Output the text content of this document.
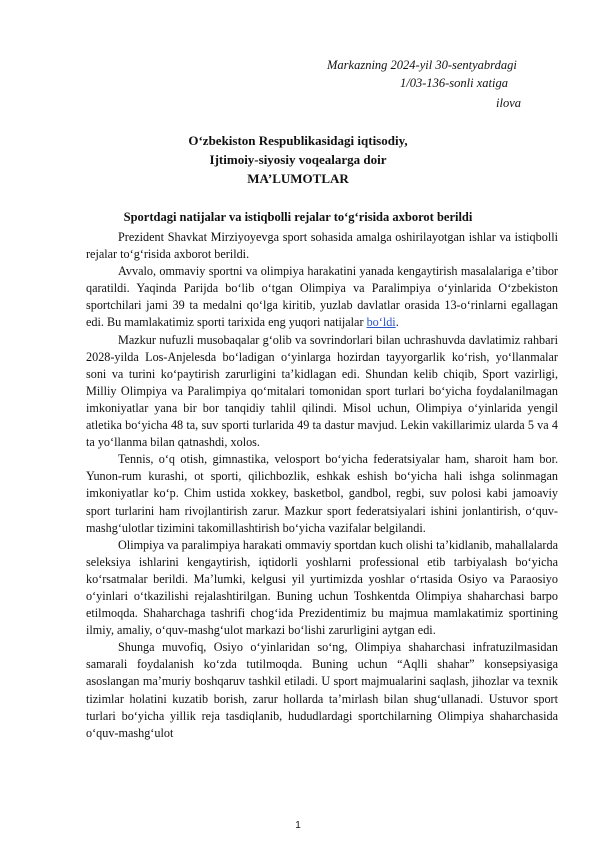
Markazning 2024-yil 30-sentyabrdagi
1/03-136-sonli xatiga
ilova
O‘zbekiston Respublikasidagi iqtisodiy,
Ijtimoiy-siyosiy voqealarga doir
MA’LUMOTLAR
Sportdagi natijalar va istiqbolli rejalar to‘g‘risida axborot berildi

Prezident Shavkat Mirziyoyevga sport sohasida amalga oshirilayotgan ishlar va istiqbolli rejalar to‘g‘risida axborot berildi.

Avvalo, ommaviy sportni va olimpiya harakatini yanada kengaytirish masalalariga e’tibor qaratildi. Yaqinda Parijda bo‘lib o‘tgan Olimpiya va Paralimpiya o‘yinlarida O‘zbekiston sportchilari jami 39 ta medalni qo‘lga kiritib, yuzlab davlatlar orasida 13-o‘rinlarni egallagan edi. Bu mamlakatimiz sporti tarixida eng yuqori natijalar bo‘ldi.

Mazkur nufuzli musobaqalar g‘olib va sovrindorlari bilan uchrashuvda davlatimiz rahbari 2028-yilda Los-Anjelesda bo‘ladigan o‘yinlarga hozirdan tayyorgarlik ko‘rish, yo‘llanmalar soni va turini ko‘paytirish zarurligini ta’kidlagan edi. Shundan kelib chiqib, Sport vazirligi, Milliy Olimpiya va Paralimpiya qo‘mitalari tomonidan sport turlari bo‘yicha foydalanilmagan imkoniyatlar yana bir bor tanqidiy tahlil qilindi. Misol uchun, Olimpiya o‘yinlarida yengil atletika bo‘yicha 48 ta, suv sporti turlarida 49 ta dastur mavjud. Lekin vakillarimiz ularda 5 va 4 ta yo‘llanma bilan qatnashdi, xolos.

Tennis, o‘q otish, gimnastika, velosport bo‘yicha federatsiyalar ham, sharoit ham bor. Yunon-rum kurashi, ot sporti, qilichbozlik, eshkak eshish bo‘yicha hali ishga solinmagan imkoniyatlar ko‘p. Chim ustida xokkey, basketbol, gandbol, regbi, suv polosi kabi jamoaviy sport turlarini ham rivojlantirish zarur. Mazkur sport federatsiyalari ishini jonlantirish, o‘quv-mashg‘ulotlar tizimini takomillashtirish bo‘yicha vazifalar belgilandi.

Olimpiya va paralimpiya harakati ommaviy sportdan kuch olishi ta’kidlanib, mahallalarda seleksiya ishlarini kengaytirish, iqtidorli yoshlarni professional etib tarbiyalash bo‘yicha ko‘rsatmalar berildi. Ma’lumki, kelgusi yil yurtimizda yoshlar o‘rtasida Osiyo va Paraosiyo o‘yinlari o‘tkazilishi rejalashtirilgan. Buning uchun Toshkentda Olimpiya shaharchasi barpo etilmoqda. Shaharchaga tashrifi chog‘ida Prezidentimiz bu majmua mamlakatimiz sportining ilmiy, amaliy, o‘quv-mashg‘ulot markazi bo‘lishi zarurligini aytgan edi.

Shunga muvofiq, Osiyo o‘yinlaridan so‘ng, Olimpiya shaharchasi infratuzilmasidan samarali foydalanish ko‘zda tutilmoqda. Buning uchun “Aqlli shahar” konsepsiyasiga asoslangan ma’muriy boshqaruv tashkil etiladi. U sport majmualarini saqlash, jihozlar va texnik tizimlar holatini kuzatib borish, zarur hollarda ta’mirlash bilan shug‘ullanadi. Ustuvor sport turlari bo‘yicha yillik reja tasdiqlanib, hududlardagi sportchilarning Olimpiya shaharchasida o‘quv-mashg‘ulot

1
